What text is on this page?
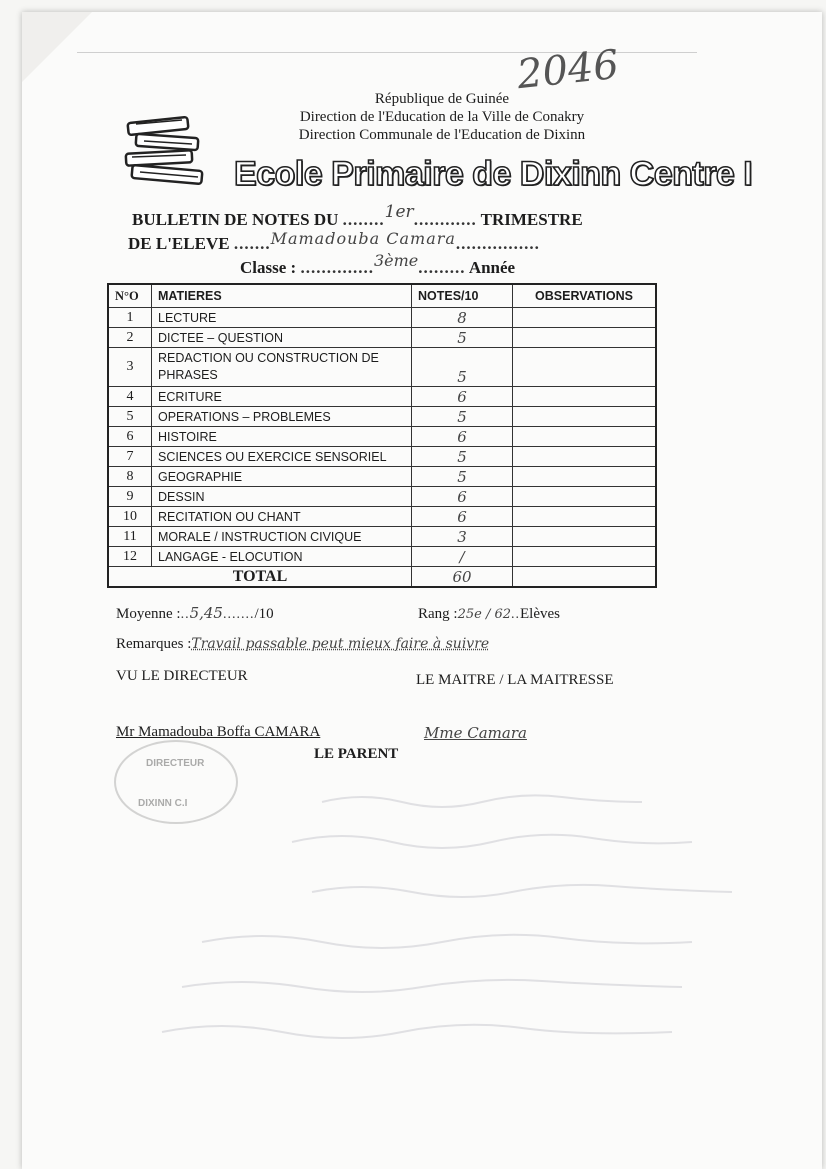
2046
République de Guinée
Direction de l'Education de la Ville de Conakry
Direction Communale de l'Education de Dixinn
Ecole Primaire de Dixinn Centre I
BULLETIN DE NOTES DU ........1er............ TRIMESTRE
DE L'ELEVE .......Mamadouba Camara................
Classe : ..............3ème......... Année
N°O	MATIERES	NOTES/10	OBSERVATIONS
1	LECTURE	8	
2	DICTEE – QUESTION	5	
3	REDACTION OU CONSTRUCTION DE PHRASES	5	
4	ECRITURE	6	
5	OPERATIONS – PROBLEMES	5	
6	HISTOIRE	6	
7	SCIENCES OU EXERCICE SENSORIEL	5	
8	GEOGRAPHIE	5	
9	DESSIN	6	
10	RECITATION OU CHANT	6	
11	MORALE / INSTRUCTION CIVIQUE	3	
12	LANGAGE - ELOCUTION	/	
TOTAL		60	
Moyenne :..5,45......./10	Rang :25e / 62..Elèves
Remarques :Travail passable peut mieux faire à suivre
VU LE DIRECTEUR	LE MAITRE / LA MAITRESSE
Mr Mamadouba Boffa CAMARA	Mme Camara
LE PARENT
DIRECTEUR
DIXINN C.I
